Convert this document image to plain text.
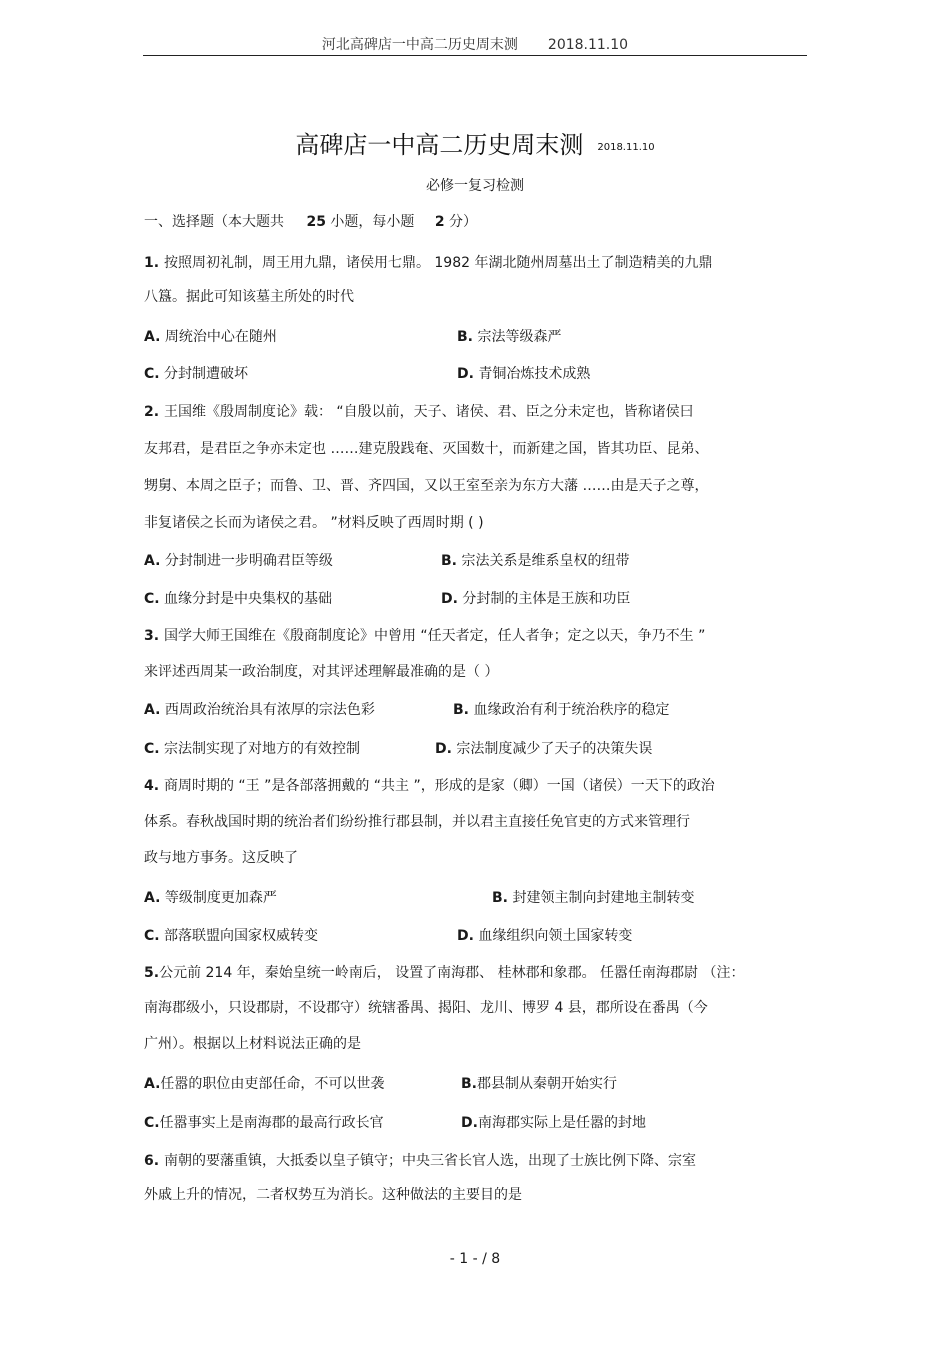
河北高碑店一中高二历史周末测 2018.11.10
高碑店一中高二历史周末测 2018.11.10
必修一复习检测
一、选择题（本大题共 25 小题，每小题 2 分）
1. 按照周初礼制，周王用九鼎，诸侯用七鼎。 1982 年湖北随州周墓出土了制造精美的九鼎
八簋。据此可知该墓主所处的时代
A. 周统治中心在随州	B. 宗法等级森严
C. 分封制遭破坏	D. 青铜冶炼技术成熟
2. 王国维《殷周制度论》载： “自殷以前，天子、诸侯、君、臣之分未定也，皆称诸侯曰
友邦君，是君臣之争亦未定也 ……建克殷践奄、灭国数十，而新建之国，皆其功臣、昆弟、
甥舅、本周之臣子；而鲁、卫、晋、齐四国，又以王室至亲为东方大藩 ……由是天子之尊，
非复诸侯之长而为诸侯之君。 ”材料反映了西周时期 ( )
A. 分封制进一步明确君臣等级	B. 宗法关系是维系皇权的纽带
C. 血缘分封是中央集权的基础	D. 分封制的主体是王族和功臣
3. 国学大师王国维在《殷商制度论》中曾用 “任天者定，任人者争；定之以天，争乃不生 ”
来评述西周某一政治制度，对其评述理解最准确的是（ ）
A. 西周政治统治具有浓厚的宗法色彩	B. 血缘政治有利于统治秩序的稳定
C. 宗法制实现了对地方的有效控制	D. 宗法制度减少了天子的决策失误
4. 商周时期的 “王 ”是各部落拥戴的 “共主 ”，形成的是家（卿）一国（诸侯）一天下的政治
体系。春秋战国时期的统治者们纷纷推行郡县制，并以君主直接任免官吏的方式来管理行
政与地方事务。这反映了
A. 等级制度更加森严	B. 封建领主制向封建地主制转变
C. 部落联盟向国家权威转变	D. 血缘组织向领土国家转变
5.公元前 214 年，秦始皇统一岭南后， 设置了南海郡、 桂林郡和象郡。 任嚣任南海郡尉 （注：
南海郡级小，只设郡尉，不设郡守）统辖番禺、揭阳、龙川、博罗 4 县，郡所设在番禺（今
广州）。根据以上材料说法正确的是
A.任嚣的职位由吏部任命，不可以世袭	B.郡县制从秦朝开始实行
C.任嚣事实上是南海郡的最高行政长官	D.南海郡实际上是任嚣的封地
6. 南朝的要藩重镇，大抵委以皇子镇守；中央三省长官人选，出现了士族比例下降、宗室
外戚上升的情况，二者权势互为消长。这种做法的主要目的是
- 1 - / 8
